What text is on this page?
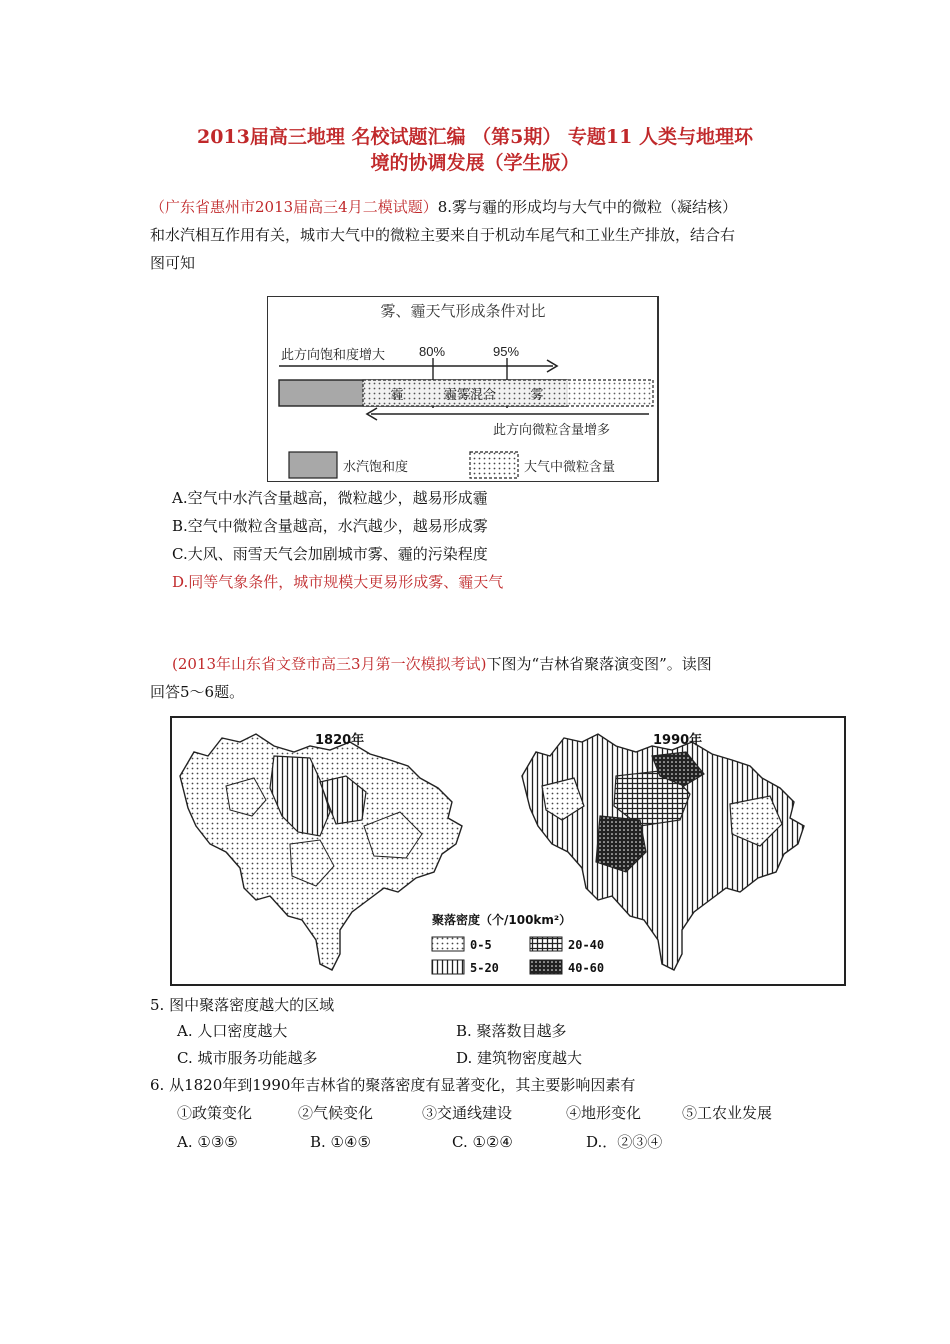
2013届高三地理 名校试题汇编 （第5期） 专题11 人类与地理环
境的协调发展（学生版）
（广东省惠州市2013届高三4月二模试题）8.雾与霾的形成均与大气中的微粒（凝结核）
和水汽相互作用有关，城市大气中的微粒主要来自于机动车尾气和工业生产排放，结合右
图可知
雾、霾天气形成条件对比
此方向饱和度增大	80%	95%
霾	霾雾混合	雾
此方向微粒含量增多
水汽饱和度	大气中微粒含量
A.空气中水汽含量越高，微粒越少，越易形成霾
B.空气中微粒含量越高，水汽越少，越易形成雾
C.大风、雨雪天气会加剧城市雾、霾的污染程度
D.同等气象条件，城市规模大更易形成雾、霾天气
(2013年山东省文登市高三3月第一次模拟考试)下图为“吉林省聚落演变图”。读图
回答5～6题。
1820年	1990年
聚落密度（个/100km²）
0-5
5-20
20-40
40-60
5. 图中聚落密度越大的区域
A. 人口密度越大	B. 聚落数目越多
C. 城市服务功能越多	D. 建筑物密度越大
6. 从1820年到1990年吉林省的聚落密度有显著变化，其主要影响因素有
①政策变化	②气候变化	③交通线建设	④地形变化	⑤工农业发展
A. ①③⑤	B. ①④⑤	C. ①②④	D.．②③④
